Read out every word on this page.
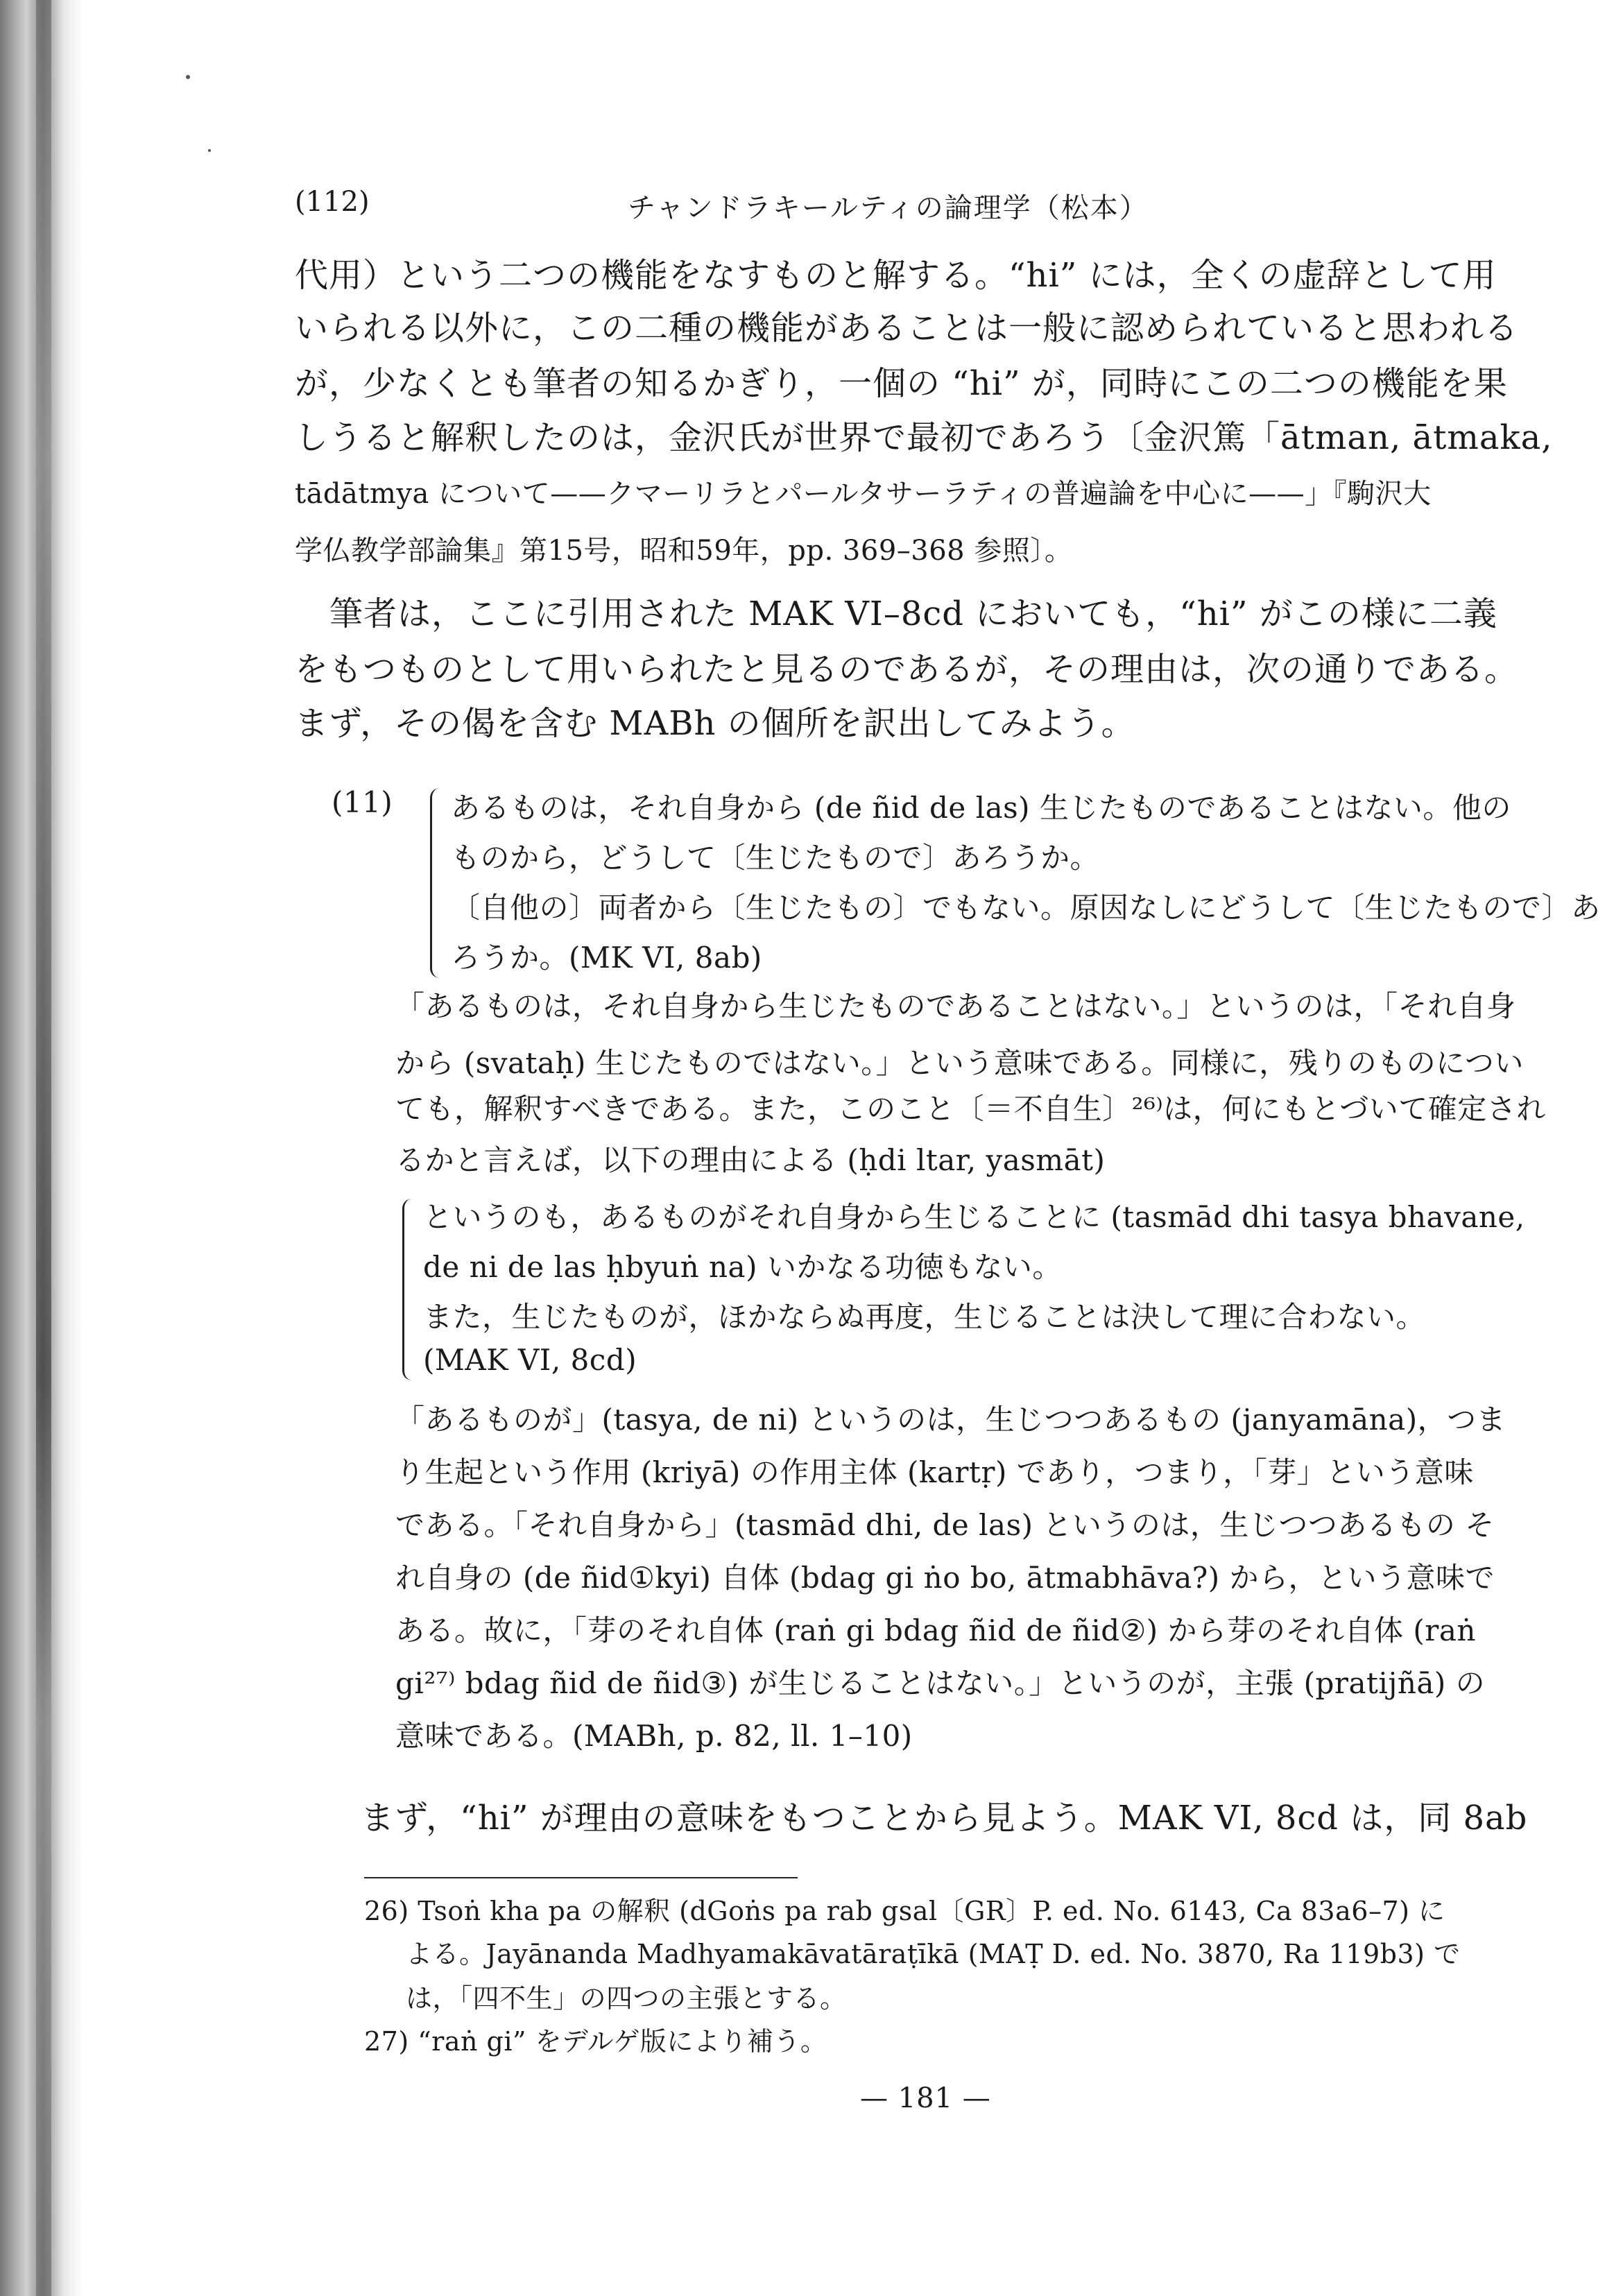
(112)	チャンドラキールティの論理学（松本）
代用）という二つの機能をなすものと解する。“hi” には，全くの虚辞として用
いられる以外に，この二種の機能があることは一般に認められていると思われる
が，少なくとも筆者の知るかぎり，一個の “hi” が，同時にこの二つの機能を果
しうると解釈したのは，金沢氏が世界で最初であろう〔金沢篤「ātman, ātmaka,
tādātmya について——クマーリラとパールタサーラティの普遍論を中心に——」『駒沢大
学仏教学部論集』第15号，昭和59年，pp. 369–368 参照〕。
筆者は，ここに引用された MAK VI–8cd においても，“hi” がこの様に二義
をもつものとして用いられたと見るのであるが，その理由は，次の通りである。
まず，その偈を含む MABh の個所を訳出してみよう。
(11) あるものは，それ自身から (de ñid de las) 生じたものであることはない。他の
ものから，どうして〔生じたもので〕あろうか。
〔自他の〕両者から〔生じたもの〕でもない。原因なしにどうして〔生じたもので〕あ
ろうか。(MK VI, 8ab)
「あるものは，それ自身から生じたものであることはない。」というのは，「それ自身
から (svataḥ) 生じたものではない。」という意味である。同様に，残りのものについ
ても，解釈すべきである。また，このこと〔＝不自生〕²⁶⁾は，何にもとづいて確定され
るかと言えば，以下の理由による (ḥdi ltar, yasmāt)
というのも，あるものがそれ自身から生じることに (tasmād dhi tasya bhavane,
de ni de las ḥbyuṅ na) いかなる功徳もない。
また，生じたものが，ほかならぬ再度，生じることは決して理に合わない。
(MAK VI, 8cd)
「あるものが」(tasya, de ni) というのは，生じつつあるもの (janyamāna)，つま
り生起という作用 (kriyā) の作用主体 (kartṛ) であり，つまり，「芽」という意味
である。「それ自身から」(tasmād dhi, de las) というのは，生じつつあるもの そ
れ自身の (de ñid①kyi) 自体 (bdag gi ṅo bo, ātmabhāva?) から，という意味で
ある。故に，「芽のそれ自体 (raṅ gi bdag ñid de ñid②) から芽のそれ自体 (raṅ
gi²⁷⁾ bdag ñid de ñid③) が生じることはない。」というのが，主張 (pratijñā) の
意味である。(MABh, p. 82, ll. 1–10)
まず，“hi” が理由の意味をもつことから見よう。MAK VI, 8cd は，同 8ab
26) Tsoṅ kha pa の解釈 (dGoṅs pa rab gsal〔GR〕P. ed. No. 6143, Ca 83a6–7) に
よる。Jayānanda Madhyamakāvatāraṭīkā (MAṬ D. ed. No. 3870, Ra 119b3) で
は，「四不生」の四つの主張とする。
27) “raṅ gi” をデルゲ版により補う。
— 181 —
